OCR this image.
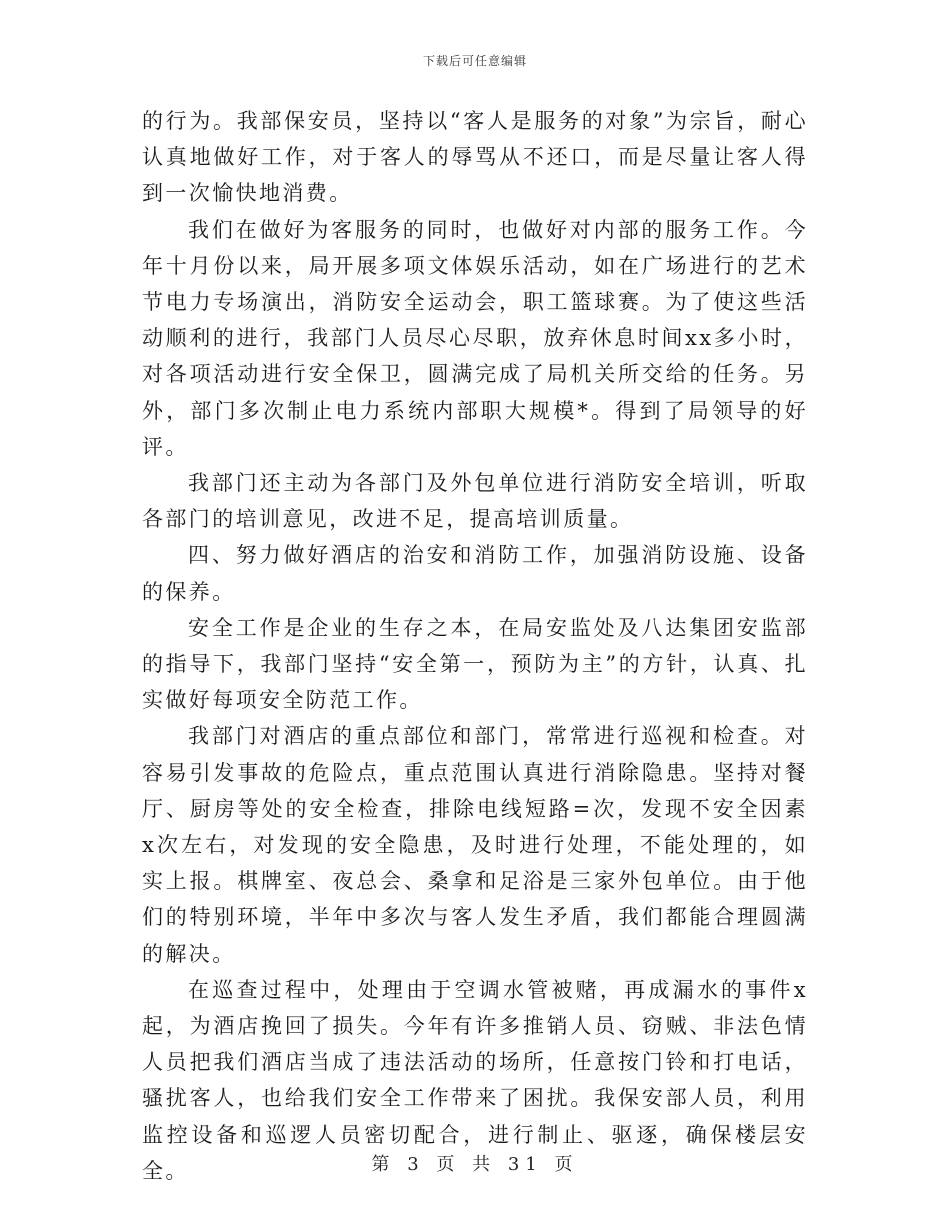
下载后可任意编辑

的行为。我部保安员，坚持以“客人是服务的对象”为宗旨，耐心认真地做好工作，对于客人的辱骂从不还口，而是尽量让客人得到一次愉快地消费。

我们在做好为客服务的同时，也做好对内部的服务工作。今年十月份以来，局开展多项文体娱乐活动，如在广场进行的艺术节电力专场演出，消防安全运动会，职工篮球赛。为了使这些活动顺利的进行，我部门人员尽心尽职，放弃休息时间xx多小时，对各项活动进行安全保卫，圆满完成了局机关所交给的任务。另外，部门多次制止电力系统内部职大规模*。得到了局领导的好评。

我部门还主动为各部门及外包单位进行消防安全培训，听取各部门的培训意见，改进不足，提高培训质量。

四、努力做好酒店的治安和消防工作，加强消防设施、设备的保养。

安全工作是企业的生存之本，在局安监处及八达集团安监部的指导下，我部门坚持“安全第一，预防为主”的方针，认真、扎实做好每项安全防范工作。

我部门对酒店的重点部位和部门，常常进行巡视和检查。对容易引发事故的危险点，重点范围认真进行消除隐患。坚持对餐厅、厨房等处的安全检查，排除电线短路=次，发现不安全因素x次左右，对发现的安全隐患，及时进行处理，不能处理的，如实上报。棋牌室、夜总会、桑拿和足浴是三家外包单位。由于他们的特别环境，半年中多次与客人发生矛盾，我们都能合理圆满的解决。

在巡查过程中，处理由于空调水管被赌，再成漏水的事件x起，为酒店挽回了损失。今年有许多推销人员、窃贼、非法色情人员把我们酒店当成了违法活动的场所，任意按门铃和打电话，骚扰客人，也给我们安全工作带来了困扰。我保安部人员，利用监控设备和巡逻人员密切配合，进行制止、驱逐，确保楼层安全。	第 3 页 共 31 页
